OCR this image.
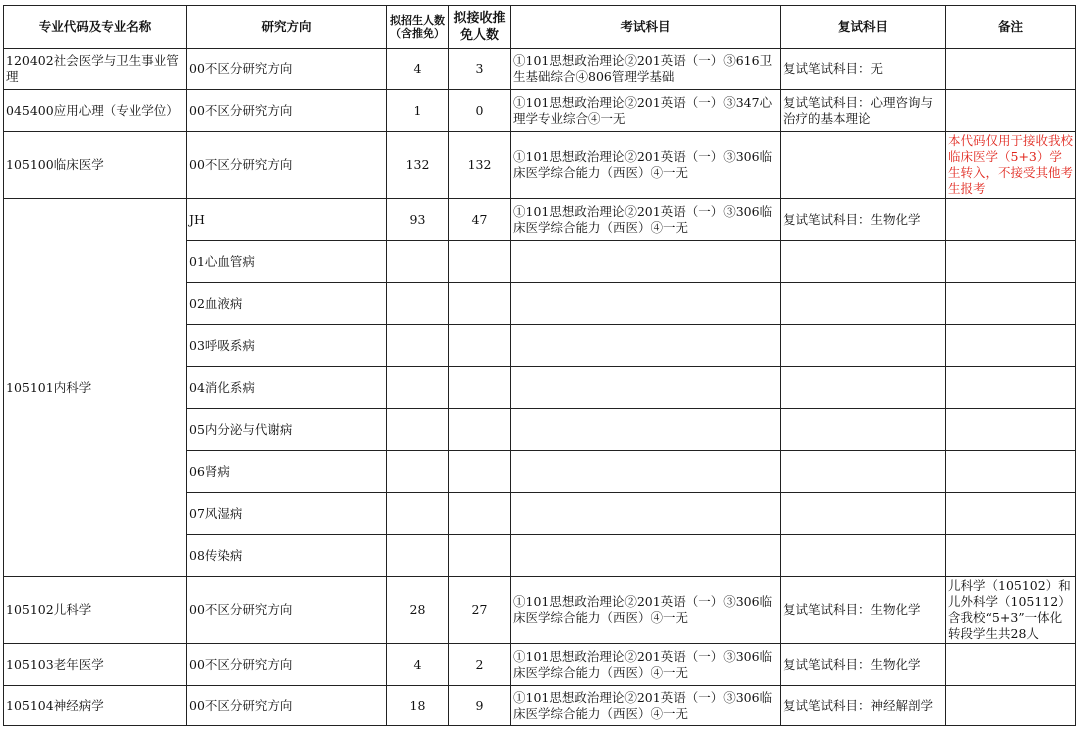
专业代码及专业名称	研究方向	拟招生人数（含推免）	拟接收推免人数	考试科目	复试科目	备注
120402社会医学与卫生事业管理	00不区分研究方向	4	3	①101思想政治理论②201英语（一）③616卫生基础综合④806管理学基础	复试笔试科目：无	
045400应用心理（专业学位）	00不区分研究方向	1	0	①101思想政治理论②201英语（一）③347心理学专业综合④一无	复试笔试科目：心理咨询与治疗的基本理论	
105100临床医学	00不区分研究方向	132	132	①101思想政治理论②201英语（一）③306临床医学综合能力（西医）④一无		本代码仅用于接收我校临床医学（5+3）学生转入，不接受其他考生报考
105101内科学	JH	93	47	①101思想政治理论②201英语（一）③306临床医学综合能力（西医）④一无	复试笔试科目：生物化学	
	01心血管病					
	02血液病					
	03呼吸系病					
	04消化系病					
	05内分泌与代谢病					
	06肾病					
	07风湿病					
	08传染病					
105102儿科学	00不区分研究方向	28	27	①101思想政治理论②201英语（一）③306临床医学综合能力（西医）④一无	复试笔试科目：生物化学	儿科学（105102）和儿外科学（105112）含我校“5+3”一体化转段学生共28人
105103老年医学	00不区分研究方向	4	2	①101思想政治理论②201英语（一）③306临床医学综合能力（西医）④一无	复试笔试科目：生物化学	
105104神经病学	00不区分研究方向	18	9	①101思想政治理论②201英语（一）③306临床医学综合能力（西医）④一无	复试笔试科目：神经解剖学	
